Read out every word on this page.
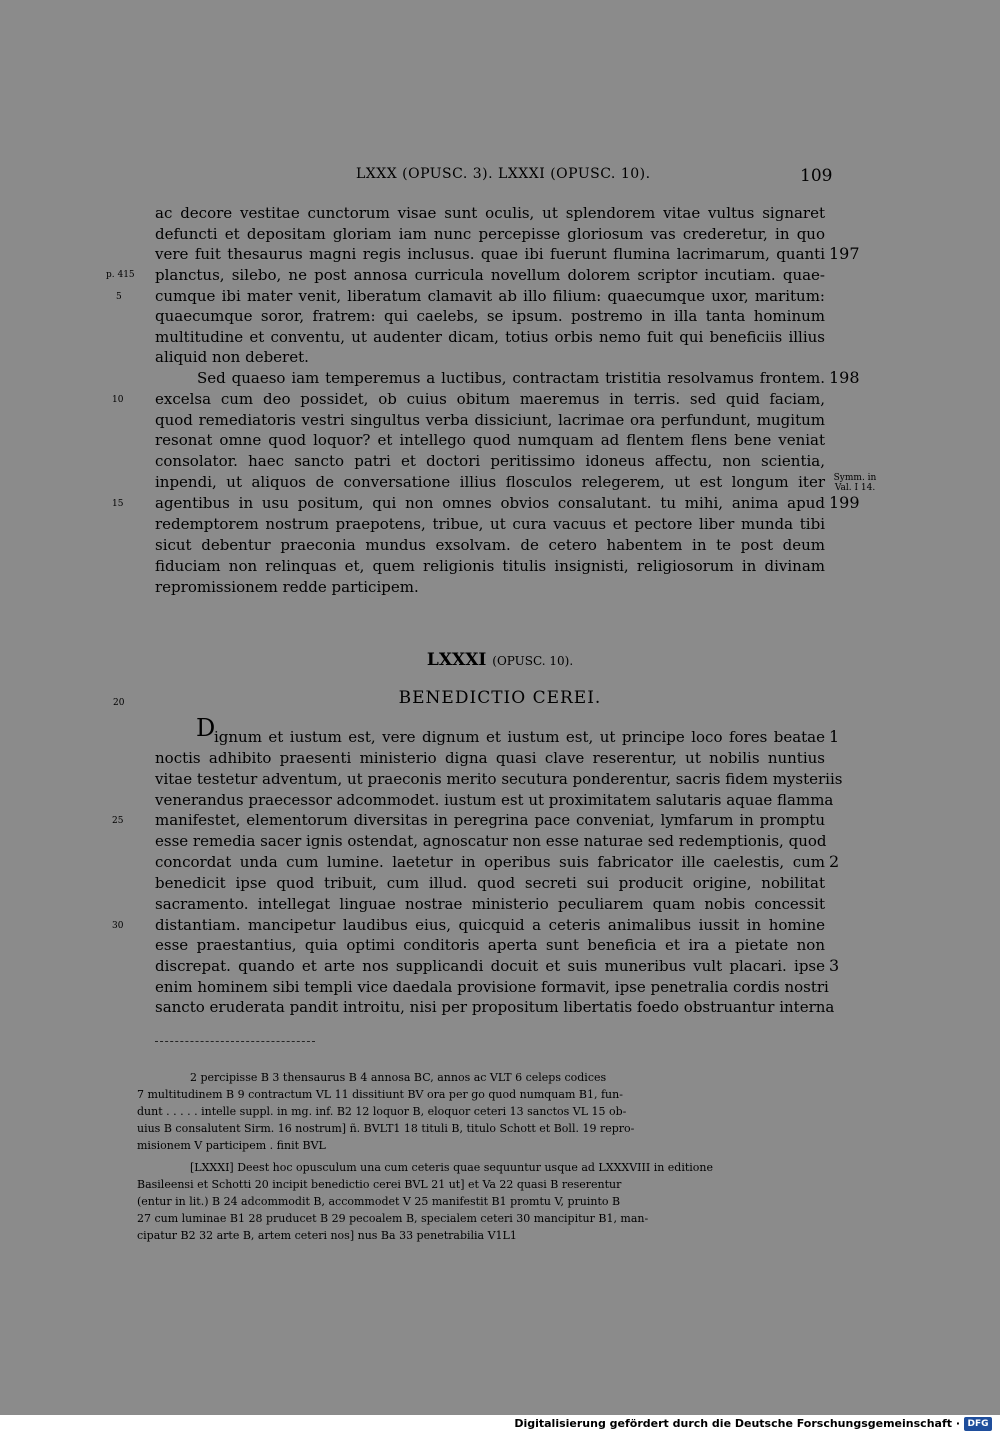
LXXX (OPUSC. 3). LXXXI (OPUSC. 10).	109
ac decore vestitae cunctorum visae sunt oculis, ut splendorem vitae vultus signaret
defuncti et depositam gloriam iam nunc percepisse gloriosum vas crederetur, in quo
vere fuit thesaurus magni regis inclusus. quae ibi fuerunt flumina lacrimarum, quanti
planctus, silebo, ne post annosa curricula novellum dolorem scriptor incutiam. quae-
cumque ibi mater venit, liberatum clamavit ab illo filium: quaecumque uxor, maritum:
quaecumque soror, fratrem: qui caelebs, se ipsum. postremo in illa tanta hominum
multitudine et conventu, ut audenter dicam, totius orbis nemo fuit qui beneficiis illius
aliquid non deberet.
Sed quaeso iam temperemus a luctibus, contractam tristitia resolvamus frontem.
excelsa cum deo possidet, ob cuius obitum maeremus in terris. sed quid faciam,
quod remediatoris vestri singultus verba dissiciunt, lacrimae ora perfundunt, mugitum
resonat omne quod loquor? et intellego quod numquam ad flentem flens bene veniat
consolator. haec sancto patri et doctori peritissimo idoneus affectu, non scientia,
inpendi, ut aliquos de conversatione illius flosculos relegerem, ut est longum iter
agentibus in usu positum, qui non omnes obvios consalutant. tu mihi, anima apud
redemptorem nostrum praepotens, tribue, ut cura vacuus et pectore liber munda tibi
sicut debentur praeconia mundus exsolvam. de cetero habentem in te post deum
fiduciam non relinquas et, quem religionis titulis insignisti, religiosorum in divinam
repromissionem redde participem.
p. 415
5
10
15
197
198
199
Symm. in
Val. I 14.
LXXXI (OPUSC. 10).
BENEDICTIO CEREI.
D
ignum et iustum est, vere dignum et iustum est, ut principe loco fores beatae
noctis adhibito praesenti ministerio digna quasi clave reserentur, ut nobilis nuntius
vitae testetur adventum, ut praeconis merito secutura ponderentur, sacris fidem mysteriis
venerandus praecessor adcommodet. iustum est ut proximitatem salutaris aquae flamma
manifestet, elementorum diversitas in peregrina pace conveniat, lymfarum in promptu
esse remedia sacer ignis ostendat, agnoscatur non esse naturae sed redemptionis, quod
concordat unda cum lumine. laetetur in operibus suis fabricator ille caelestis, cum
benedicit ipse quod tribuit, cum illud. quod secreti sui producit origine, nobilitat
sacramento. intellegat linguae nostrae ministerio peculiarem quam nobis concessit
distantiam. mancipetur laudibus eius, quicquid a ceteris animalibus iussit in homine
esse praestantius, quia optimi conditoris aperta sunt beneficia et ira a pietate non
discrepat. quando et arte nos supplicandi docuit et suis muneribus vult placari. ipse
enim hominem sibi templi vice daedala provisione formavit, ipse penetralia cordis nostri
sancto eruderata pandit introitu, nisi per propositum libertatis foedo obstruantur interna
20
25
30
1
2
3
2 percipisse B 3 thensaurus B 4 annosa BC, annos ac VLT 6 celeps codices
7 multitudinem B 9 contractum VL 11 dissitiunt BV ora per go quod numquam B1, fun-
dunt . . . . . intelle suppl. in mg. inf. B2 12 loquor B, eloquor ceteri 13 sanctos VL 15 ob-
uius B consalutent Sirm. 16 nostrum] ñ. BVLT1 18 tituli B, titulo Schott et Boll. 19 repro-
misionem V participem . finit BVL
[LXXXI] Deest hoc opusculum una cum ceteris quae sequuntur usque ad LXXXVIII in editione
Basileensi et Schotti 20 incipit benedictio cerei BVL 21 ut] et Va 22 quasi B reserentur
(entur in lit.) B 24 adcommodit B, accommodet V 25 manifestit B1 promtu V, pruinto B
27 cum luminae B1 28 pruducet B 29 pecoalem B, specialem ceteri 30 mancipitur B1, man-
cipatur B2 32 arte B, artem ceteri nos] nus Ba 33 penetrabilia V1L1
Digitalisierung gefördert durch die Deutsche Forschungsgemeinschaft · DFG
